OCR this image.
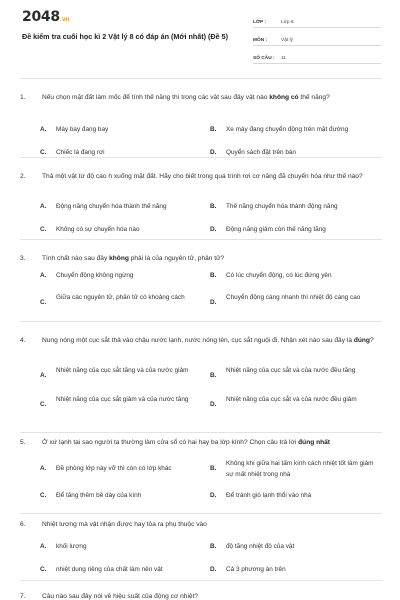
2048.vn
Đề kiểm tra cuối học kì 2 Vật lý 8 có đáp án (Mới nhất) (Đề 5)
LỚP :	Lớp 8
MÔN :	Vật lý
SỐ CÂU :	11
1.	Nếu chọn mặt đất làm mốc để tính thế năng thì trong các vật sau đây vật nào không có thế năng?
A.	Máy bay đang bay	B.	Xe máy đang chuyển động trên mặt đường
C.	Chiếc lá đang rơi	D.	Quyển sách đặt trên bàn
2.	Thả một vật từ độ cao h xuống mặt đất. Hãy cho biết trong quá trình rơi cơ năng đã chuyển hóa như thế nào?
A.	Động năng chuyển hóa thành thế năng	B.	Thế năng chuyển hóa thành động năng
C.	Không có sự chuyển hóa nào	D.	Động năng giảm còn thế năng tăng
3.	Tính chất nào sau đây không phải là của nguyên tử, phân tử?
A.	Chuyển động không ngừng	B.	Có lúc chuyển động, có lúc đứng yên
C.
Giữa các nguyên tử, phân tử có khoảng cách
D.
Chuyển động càng nhanh thì nhiệt độ càng cao
4.	Nung nóng một cục sắt thả vào chậu nước lạnh, nước nóng lên, cục sắt nguội đi. Nhận xét nào sau đây là đúng?
A.
Nhiệt năng của cục sắt tăng và của nước giảm
B.
Nhiệt năng của cục sắt và của nước đều tăng
C.
Nhiệt năng của cục sắt giảm và của nước tăng
D.
Nhiệt năng của cục sắt và của nước đều giảm
5.	Ở xứ lạnh tại sao người ta thường làm cửa sổ có hai hay ba lớp kính? Chọn câu trả lời đúng nhất
A.	Đề phòng lớp này vỡ thì còn có lớp khác	B.
Không khí giữa hai tấm kính cách nhiệt tốt làm giảm sự mất nhiệt trong nhà
C.	Để tăng thêm bề dày của kính	D.	Để tránh gió lạnh thổi vào nhà
6.	Nhiệt lượng mà vật nhận được hay tỏa ra phụ thuộc vào
A.	khối lượng	B.	độ tăng nhiệt độ của vật
C.	nhiệt dung riêng của chất làm nên vật	D.	Cả 3 phương án trên
7.	Câu nào sau đây nói về hiệu suất của động cơ nhiệt?
